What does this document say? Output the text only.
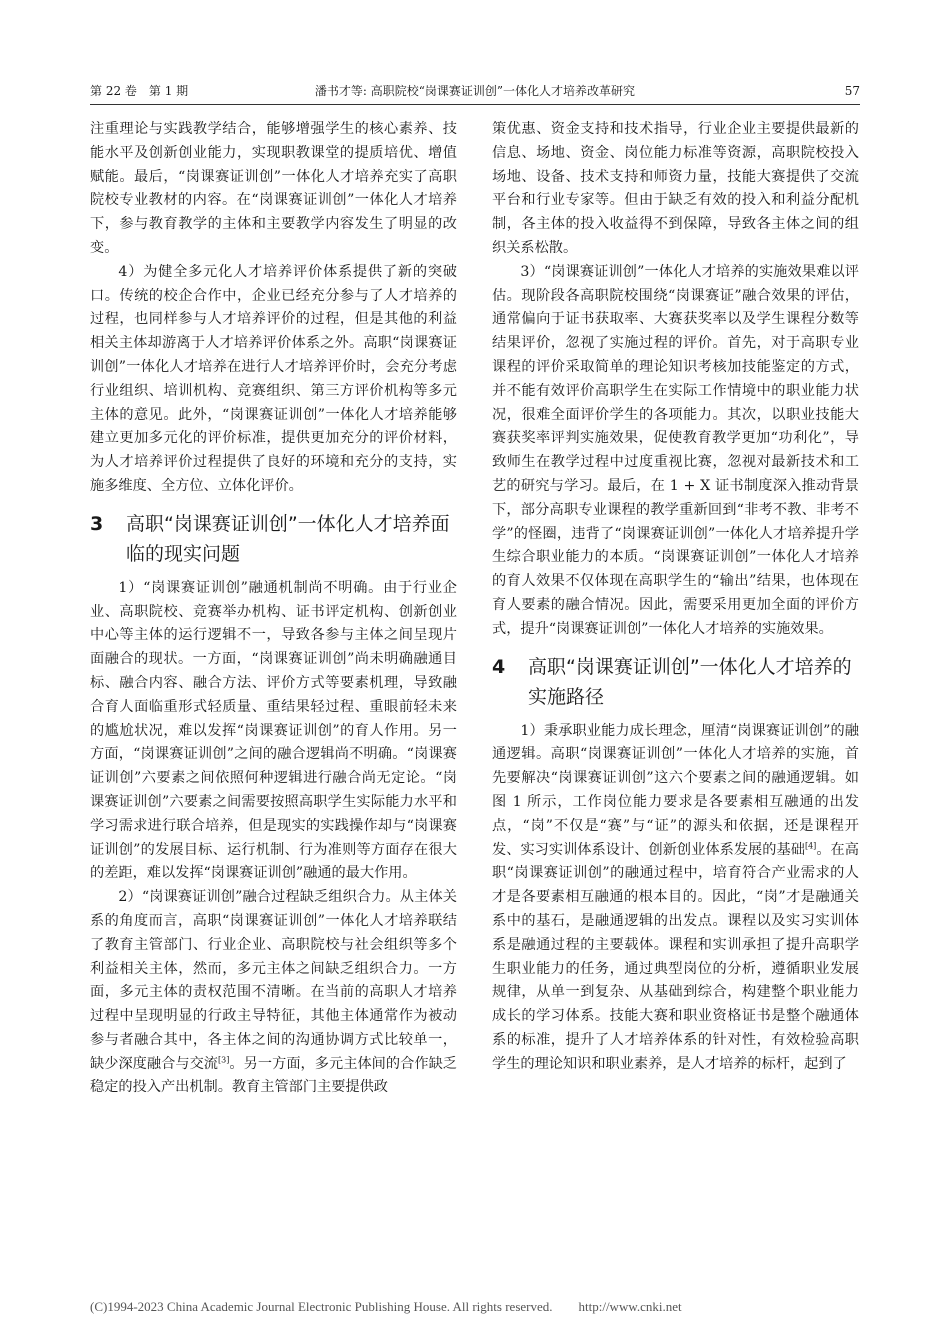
第 22 卷　第 1 期	潘书才等: 高职院校“岗课赛证训创”一体化人才培养改革研究	57

注重理论与实践教学结合，能够增强学生的核心素养、技能水平及创新创业能力，实现职教课堂的提质培优、增值赋能。最后，“岗课赛证训创”一体化人才培养充实了高职院校专业教材的内容。在“岗课赛证训创”一体化人才培养下，参与教育教学的主体和主要教学内容发生了明显的改变。

4）为健全多元化人才培养评价体系提供了新的突破口。传统的校企合作中，企业已经充分参与了人才培养的过程，也同样参与人才培养评价的过程，但是其他的利益相关主体却游离于人才培养评价体系之外。高职“岗课赛证训创”一体化人才培养在进行人才培养评价时，会充分考虑行业组织、培训机构、竞赛组织、第三方评价机构等多元主体的意见。此外，“岗课赛证训创”一体化人才培养能够建立更加多元化的评价标准，提供更加充分的评价材料，为人才培养评价过程提供了良好的环境和充分的支持，实施多维度、全方位、立体化评价。

3	高职“岗课赛证训创”一体化人才培养面临的现实问题

1）“岗课赛证训创”融通机制尚不明确。由于行业企业、高职院校、竞赛举办机构、证书评定机构、创新创业中心等主体的运行逻辑不一，导致各参与主体之间呈现片面融合的现状。一方面，“岗课赛证训创”尚未明确融通目标、融合内容、融合方法、评价方式等要素机理，导致融合育人面临重形式轻质量、重结果轻过程、重眼前轻未来的尴尬状况，难以发挥“岗课赛证训创”的育人作用。另一方面，“岗课赛证训创”之间的融合逻辑尚不明确。“岗课赛证训创”六要素之间依照何种逻辑进行融合尚无定论。“岗课赛证训创”六要素之间需要按照高职学生实际能力水平和学习需求进行联合培养，但是现实的实践操作却与“岗课赛证训创”的发展目标、运行机制、行为准则等方面存在很大的差距，难以发挥“岗课赛证训创”融通的最大作用。

2）“岗课赛证训创”融合过程缺乏组织合力。从主体关系的角度而言，高职“岗课赛证训创”一体化人才培养联结了教育主管部门、行业企业、高职院校与社会组织等多个利益相关主体，然而，多元主体之间缺乏组织合力。一方面，多元主体的责权范围不清晰。在当前的高职人才培养过程中呈现明显的行政主导特征，其他主体通常作为被动参与者融合其中，各主体之间的沟通协调方式比较单一，缺少深度融合与交流[3]。另一方面，多元主体间的合作缺乏稳定的投入产出机制。教育主管部门主要提供政

策优惠、资金支持和技术指导，行业企业主要提供最新的信息、场地、资金、岗位能力标准等资源，高职院校投入场地、设备、技术支持和师资力量，技能大赛提供了交流平台和行业专家等。但由于缺乏有效的投入和利益分配机制，各主体的投入收益得不到保障，导致各主体之间的组织关系松散。

3）“岗课赛证训创”一体化人才培养的实施效果难以评估。现阶段各高职院校围绕“岗课赛证”融合效果的评估，通常偏向于证书获取率、大赛获奖率以及学生课程分数等结果评价，忽视了实施过程的评价。首先，对于高职专业课程的评价采取简单的理论知识考核加技能鉴定的方式，并不能有效评价高职学生在实际工作情境中的职业能力状况，很难全面评价学生的各项能力。其次，以职业技能大赛获奖率评判实施效果，促使教育教学更加“功利化”，导致师生在教学过程中过度重视比赛，忽视对最新技术和工艺的研究与学习。最后，在 1 + X 证书制度深入推动背景下，部分高职专业课程的教学重新回到“非考不教、非考不学”的怪圈，违背了“岗课赛证训创”一体化人才培养提升学生综合职业能力的本质。“岗课赛证训创”一体化人才培养的育人效果不仅体现在高职学生的“输出”结果，也体现在育人要素的融合情况。因此，需要采用更加全面的评价方式，提升“岗课赛证训创”一体化人才培养的实施效果。

4	高职“岗课赛证训创”一体化人才培养的实施路径

1）秉承职业能力成长理念，厘清“岗课赛证训创”的融通逻辑。高职“岗课赛证训创”一体化人才培养的实施，首先要解决“岗课赛证训创”这六个要素之间的融通逻辑。如图 1 所示，工作岗位能力要求是各要素相互融通的出发点，“岗”不仅是“赛”与“证”的源头和依据，还是课程开发、实习实训体系设计、创新创业体系发展的基础[4]。在高职“岗课赛证训创”的融通过程中，培育符合产业需求的人才是各要素相互融通的根本目的。因此，“岗”才是融通关系中的基石，是融通逻辑的出发点。课程以及实习实训体系是融通过程的主要载体。课程和实训承担了提升高职学生职业能力的任务，通过典型岗位的分析，遵循职业发展规律，从单一到复杂、从基础到综合，构建整个职业能力成长的学习体系。技能大赛和职业资格证书是整个融通体系的标准，提升了人才培养体系的针对性，有效检验高职学生的理论知识和职业素养，是人才培养的标杆，起到了

(C)1994-2023 China Academic Journal Electronic Publishing House. All rights reserved.　　http://www.cnki.net
